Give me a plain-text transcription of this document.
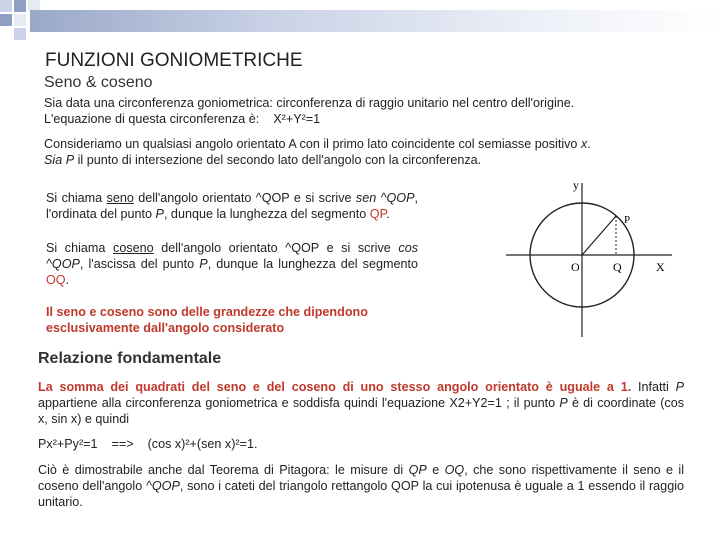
FUNZIONI GONIOMETRICHE
Seno & coseno
Sia data una circonferenza goniometrica: circonferenza di raggio unitario nel centro dell'origine.
L'equazione di questa circonferenza è: X²+Y²=1
Consideriamo un qualsiasi angolo orientato A con il primo lato coincidente col semiasse positivo x.
Sia P il punto di intersezione del secondo lato dell'angolo con la circonferenza.
Si chiama seno dell'angolo orientato ^QOP e si scrive sen ^QOP, l'ordinata del punto P, dunque la lunghezza del segmento QP.
Si chiama coseno dell'angolo orientato ^QOP e si scrive cos ^QOP, l'ascissa del punto P, dunque la lunghezza del segmento OQ.
Il seno e coseno sono delle grandezze che dipendono
esclusivamente dall'angolo considerato
y
P
O	Q	X
Relazione fondamentale
La somma dei quadrati del seno e del coseno di uno stesso angolo orientato è uguale a 1. Infatti P appartiene alla circonferenza goniometrica e soddisfa quindi l'equazione X2+Y2=1 ; il punto P è di coordinate (cos x, sin x) e quindi
Px²+Py²=1 ==> (cos x)²+(sen x)²=1.
Ciò è dimostrabile anche dal Teorema di Pitagora: le misure di QP e OQ, che sono rispettivamente il seno e il coseno dell'angolo ^QOP, sono i cateti del triangolo rettangolo QOP la cui ipotenusa è uguale a 1 essendo il raggio unitario.
